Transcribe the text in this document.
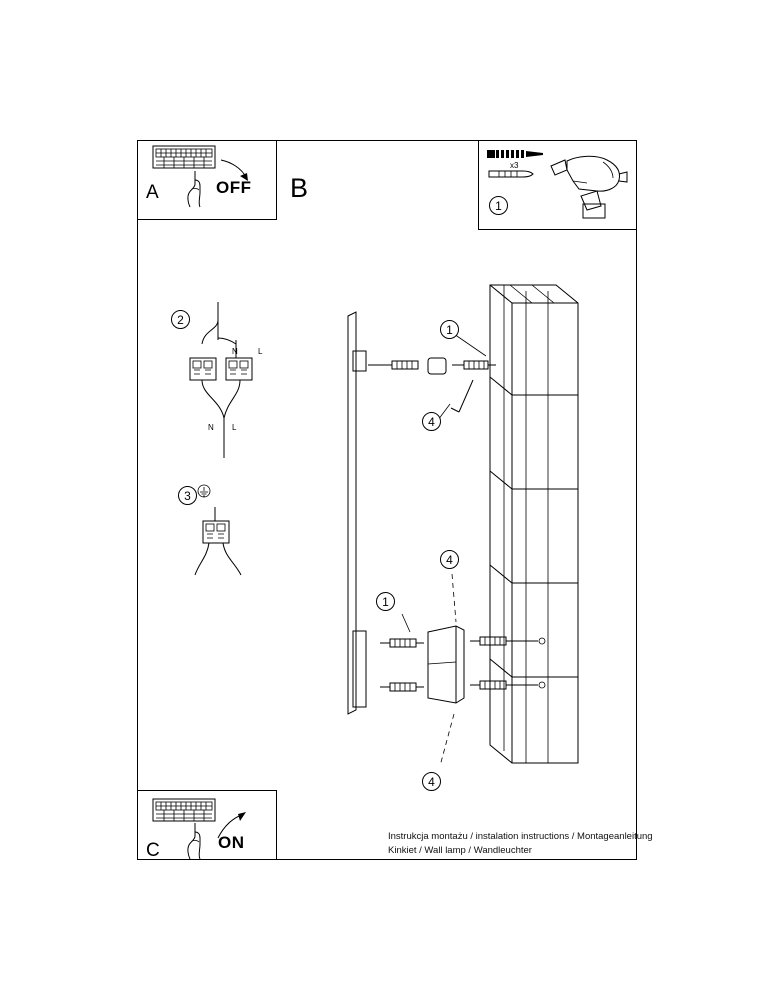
A	OFF B
x3
1
2
N	L
N L
3
1
4
1
4
4
C	ON	Instrukcja montażu / instalation instructions / Montageanleitung
Kinkiet / Wall lamp / Wandleuchter
